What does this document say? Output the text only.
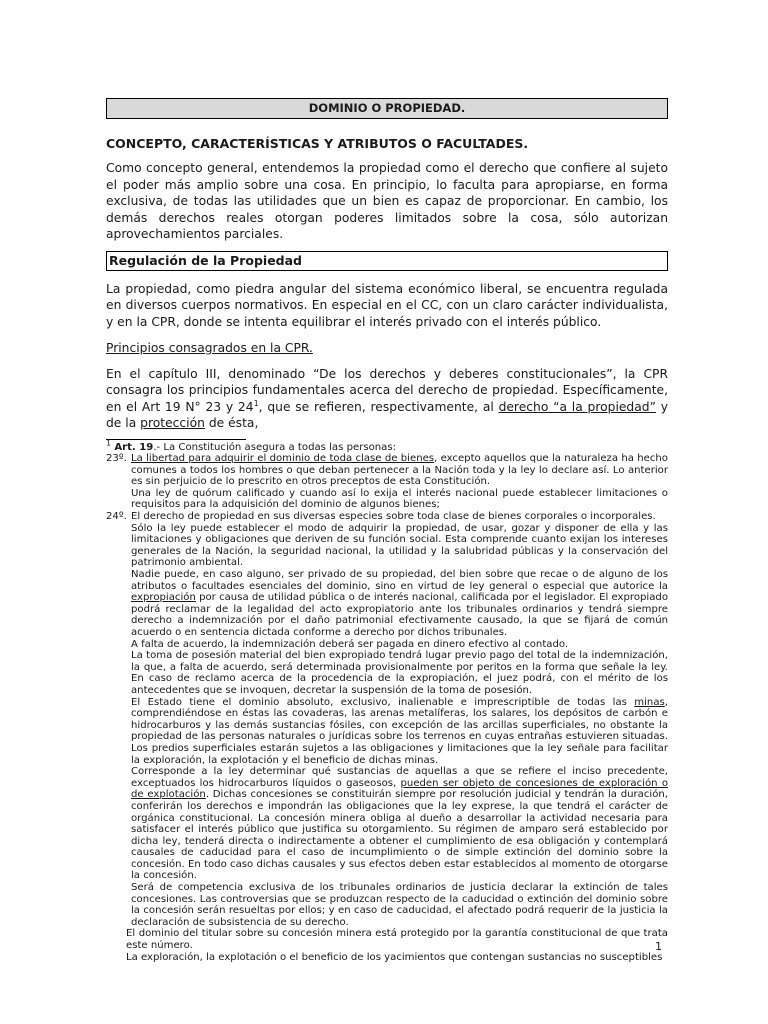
DOMINIO O PROPIEDAD.
CONCEPTO, CARACTERÍSTICAS Y ATRIBUTOS O FACULTADES.
Como concepto general, entendemos la propiedad como el derecho que confiere al sujeto el poder más amplio sobre una cosa. En principio, lo faculta para apropiarse, en forma exclusiva, de todas las utilidades que un bien es capaz de proporcionar. En cambio, los demás derechos reales otorgan poderes limitados sobre la cosa, sólo autorizan aprovechamientos parciales.
Regulación de la Propiedad
La propiedad, como piedra angular del sistema económico liberal, se encuentra regulada en diversos cuerpos normativos. En especial en el CC, con un claro carácter individualista, y en la CPR, donde se intenta equilibrar el interés privado con el interés público.
Principios consagrados en la CPR.
En el capítulo III, denominado “De los derechos y deberes constitucionales”, la CPR consagra los principios fundamentales acerca del derecho de propiedad. Específicamente, en el Art 19 N° 23 y $24^1$, que se refieren, respectivamente, al derecho “a la propiedad” y de la protección de ésta,
$^1$ Art. 19.- La Constitución asegura a todas las personas:
23º. La libertad para adquirir el dominio de toda clase de bienes, excepto aquellos que la naturaleza ha hecho comunes a todos los hombres o que deban pertenecer a la Nación toda y la ley lo declare así. Lo anterior es sin perjuicio de lo prescrito en otros preceptos de esta Constitución.
Una ley de quórum calificado y cuando así lo exija el interés nacional puede establecer limitaciones o requisitos para la adquisición del dominio de algunos bienes;
24º. El derecho de propiedad en sus diversas especies sobre toda clase de bienes corporales o incorporales.
Sólo la ley puede establecer el modo de adquirir la propiedad, de usar, gozar y disponer de ella y las limitaciones y obligaciones que deriven de su función social. Esta comprende cuanto exijan los intereses generales de la Nación, la seguridad nacional, la utilidad y la salubridad públicas y la conservación del patrimonio ambiental.
Nadie puede, en caso alguno, ser privado de su propiedad, del bien sobre que recae o de alguno de los atributos o facultades esenciales del dominio, sino en virtud de ley general o especial que autorice la expropiación por causa de utilidad pública o de interés nacional, calificada por el legislador. El expropiado podrá reclamar de la legalidad del acto expropiatorio ante los tribunales ordinarios y tendrá siempre derecho a indemnización por el daño patrimonial efectivamente causado, la que se fijará de común acuerdo o en sentencia dictada conforme a derecho por dichos tribunales.
A falta de acuerdo, la indemnización deberá ser pagada en dinero efectivo al contado.
La toma de posesión material del bien expropiado tendrá lugar previo pago del total de la indemnización, la que, a falta de acuerdo, será determinada provisionalmente por peritos en la forma que señale la ley. En caso de reclamo acerca de la procedencia de la expropiación, el juez podrá, con el mérito de los antecedentes que se invoquen, decretar la suspensión de la toma de posesión.
El Estado tiene el dominio absoluto, exclusivo, inalienable e imprescriptible de todas las minas, comprendiéndose en éstas las covaderas, las arenas metalíferas, los salares, los depósitos de carbón e hidrocarburos y las demás sustancias fósiles, con excepción de las arcillas superficiales, no obstante la propiedad de las personas naturales o jurídicas sobre los terrenos en cuyas entrañas estuvieren situadas. Los predios superficiales estarán sujetos a las obligaciones y limitaciones que la ley señale para facilitar la exploración, la explotación y el beneficio de dichas minas.
Corresponde a la ley determinar qué sustancias de aquellas a que se refiere el inciso precedente, exceptuados los hidrocarburos líquidos o gaseosos, pueden ser objeto de concesiones de exploración o de explotación. Dichas concesiones se constituirán siempre por resolución judicial y tendrán la duración, conferirán los derechos e impondrán las obligaciones que la ley exprese, la que tendrá el carácter de orgánica constitucional. La concesión minera obliga al dueño a desarrollar la actividad necesaria para satisfacer el interés público que justifica su otorgamiento. Su régimen de amparo será establecido por dicha ley, tenderá directa o indirectamente a obtener el cumplimiento de esa obligación y contemplará causales de caducidad para el caso de incumplimiento o de simple extinción del dominio sobre la concesión. En todo caso dichas causales y sus efectos deben estar establecidos al momento de otorgarse la concesión.
Será de competencia exclusiva de los tribunales ordinarios de justicia declarar la extinción de tales concesiones. Las controversias que se produzcan respecto de la caducidad o extinción del dominio sobre la concesión serán resueltas por ellos; y en caso de caducidad, el afectado podrá requerir de la justicia la declaración de subsistencia de su derecho.
El dominio del titular sobre su concesión minera está protegido por la garantía constitucional de que trata este número.
La exploración, la explotación o el beneficio de los yacimientos que contengan sustancias no susceptibles
1
